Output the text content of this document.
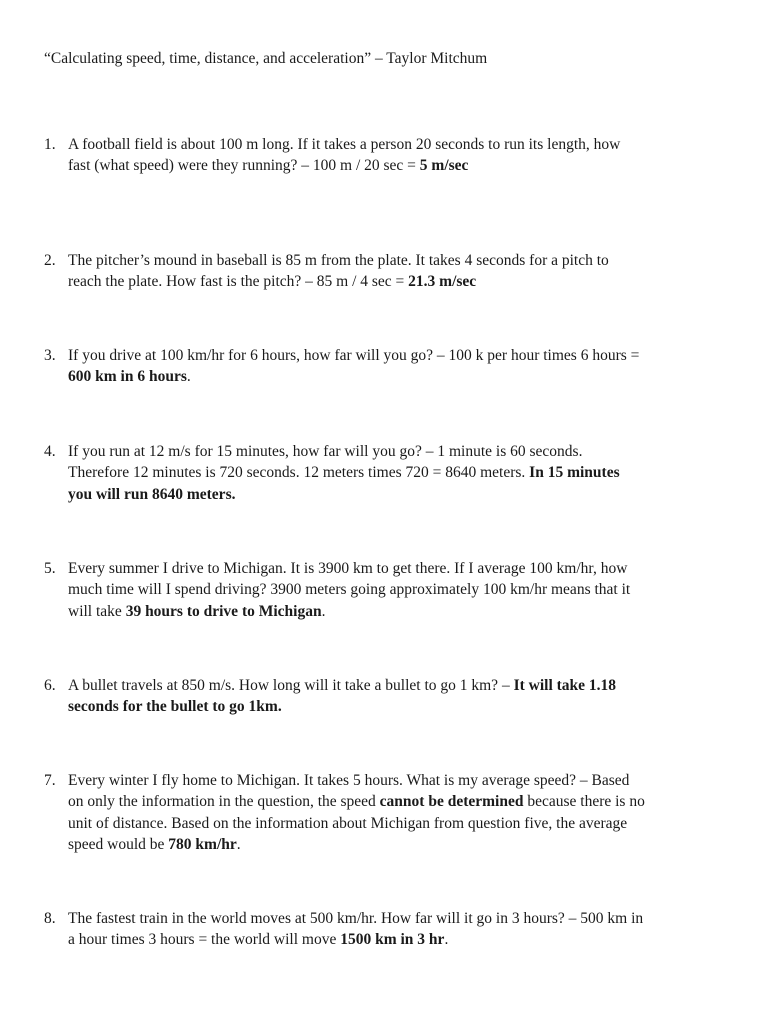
“Calculating speed, time, distance, and acceleration” – Taylor Mitchum
1. A football field is about 100 m long. If it takes a person 20 seconds to run its length, how
fast (what speed) were they running? – 100 m / 20 sec = 5 m/sec
2. The pitcher’s mound in baseball is 85 m from the plate. It takes 4 seconds for a pitch to
reach the plate. How fast is the pitch? – 85 m / 4 sec = 21.3 m/sec
3. If you drive at 100 km/hr for 6 hours, how far will you go? – 100 k per hour times 6 hours =
600 km in 6 hours.
4. If you run at 12 m/s for 15 minutes, how far will you go? – 1 minute is 60 seconds.
Therefore 12 minutes is 720 seconds. 12 meters times 720 = 8640 meters. In 15 minutes
you will run 8640 meters.
5. Every summer I drive to Michigan. It is 3900 km to get there. If I average 100 km/hr, how
much time will I spend driving? 3900 meters going approximately 100 km/hr means that it
will take 39 hours to drive to Michigan.
6. A bullet travels at 850 m/s. How long will it take a bullet to go 1 km? – It will take 1.18
seconds for the bullet to go 1km.
7. Every winter I fly home to Michigan. It takes 5 hours. What is my average speed? – Based
on only the information in the question, the speed cannot be determined because there is no
unit of distance. Based on the information about Michigan from question five, the average
speed would be 780 km/hr.
8. The fastest train in the world moves at 500 km/hr. How far will it go in 3 hours? – 500 km in
a hour times 3 hours = the world will move 1500 km in 3 hr.
